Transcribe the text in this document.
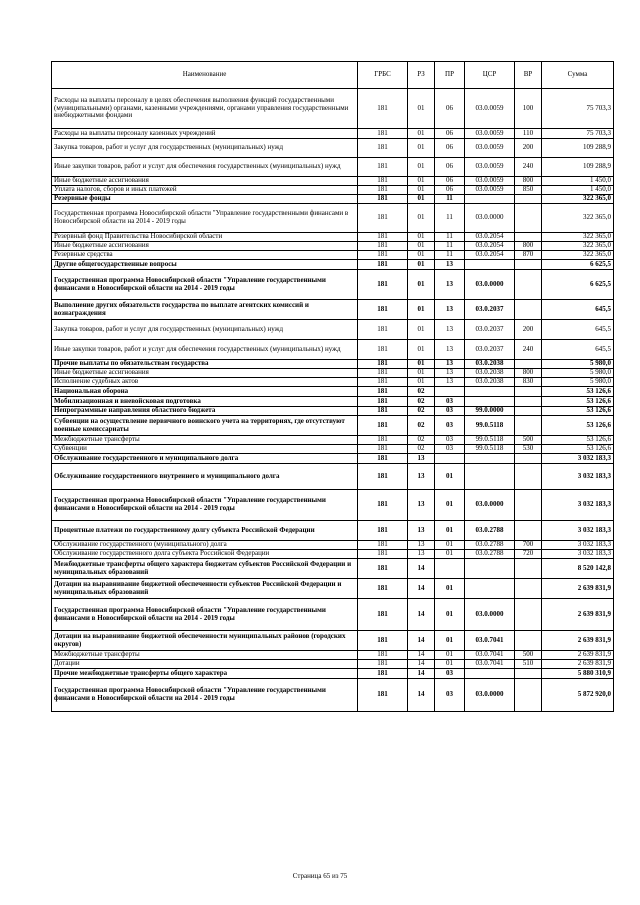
Наименование	ГРБС	РЗ	ПР	ЦСР	ВР	Сумма
Расходы на выплаты персоналу в целях обеспечения выполнения функций государственными (муниципальными) органами, казенными учреждениями, органами управления государственными внебюджетными фондами	181	01	06	03.0.0059	100	75 703,3
Расходы на выплаты персоналу казенных учреждений	181	01	06	03.0.0059	110	75 703,3
Закупка товаров, работ и услуг для государственных (муниципальных) нужд	181	01	06	03.0.0059	200	109 288,9
Иные закупки товаров, работ и услуг для обеспечения государственных (муниципальных) нужд	181	01	06	03.0.0059	240	109 288,9
Иные бюджетные ассигнования	181	01	06	03.0.0059	800	1 450,0
Уплата налогов, сборов и иных платежей	181	01	06	03.0.0059	850	1 450,0
Резервные фонды	181	01	11			322 365,0
Государственная программа Новосибирской области "Управление государственными финансами в Новосибирской области на 2014 - 2019 годы	181	01	11	03.0.0000		322 365,0
Резервный фонд Правительства Новосибирской области	181	01	11	03.0.2054		322 365,0
Иные бюджетные ассигнования	181	01	11	03.0.2054	800	322 365,0
Резервные средства	181	01	11	03.0.2054	870	322 365,0
Другие общегосударственные вопросы	181	01	13			6 625,5
Государственная программа Новосибирской области "Управление государственными финансами в Новосибирской области на 2014 - 2019 годы	181	01	13	03.0.0000		6 625,5
Выполнение других обязательств государства по выплате агентских комиссий и вознаграждения	181	01	13	03.0.2037		645,5
Закупка товаров, работ и услуг для государственных (муниципальных) нужд	181	01	13	03.0.2037	200	645,5
Иные закупки товаров, работ и услуг для обеспечения государственных (муниципальных) нужд	181	01	13	03.0.2037	240	645,5
Прочие выплаты по обязательствам государства	181	01	13	03.0.2038		5 980,0
Иные бюджетные ассигнования	181	01	13	03.0.2038	800	5 980,0
Исполнение судебных актов	181	01	13	03.0.2038	830	5 980,0
Национальная оборона	181	02				53 126,6
Мобилизационная и вневойсковая подготовка	181	02	03			53 126,6
Непрограммные направления областного бюджета	181	02	03	99.0.0000		53 126,6
Субвенции на осуществление первичного воинского учета на территориях, где отсутствуют военные комиссариаты	181	02	03	99.0.5118		53 126,6
Межбюджетные трансферты	181	02	03	99.0.5118	500	53 126,6
Субвенции	181	02	03	99.0.5118	530	53 126,6
Обслуживание государственного и муниципального долга	181	13				3 032 183,3
Обслуживание государственного внутреннего и муниципального долга	181	13	01			3 032 183,3
Государственная программа Новосибирской области "Управление государственными финансами в Новосибирской области на 2014 - 2019 годы	181	13	01	03.0.0000		3 032 183,3
Процентные платежи по государственному долгу субъекта Российской Федерации	181	13	01	03.0.2788		3 032 183,3
Обслуживание государственного (муниципального) долга	181	13	01	03.0.2788	700	3 032 183,3
Обслуживание государственного долга субъекта Российской Федерации	181	13	01	03.0.2788	720	3 032 183,3
Межбюджетные трансферты общего характера бюджетам субъектов Российской Федерации и муниципальных образований	181	14				8 520 142,8
Дотации на выравнивание бюджетной обеспеченности субъектов Российской Федерации и муниципальных образований	181	14	01			2 639 831,9
Государственная программа Новосибирской области "Управление государственными финансами в Новосибирской области на 2014 - 2019 годы	181	14	01	03.0.0000		2 639 831,9
Дотации на выравнивание бюджетной обеспеченности муниципальных районов (городских округов)	181	14	01	03.0.7041		2 639 831,9
Межбюджетные трансферты	181	14	01	03.0.7041	500	2 639 831,9
Дотации	181	14	01	03.0.7041	510	2 639 831,9
Прочие межбюджетные трансферты общего характера	181	14	03			5 880 310,9
Государственная программа Новосибирской области "Управление государственными финансами в Новосибирской области на 2014 - 2019 годы	181	14	03	03.0.0000		5 872 920,0
Страница 65 из 75
